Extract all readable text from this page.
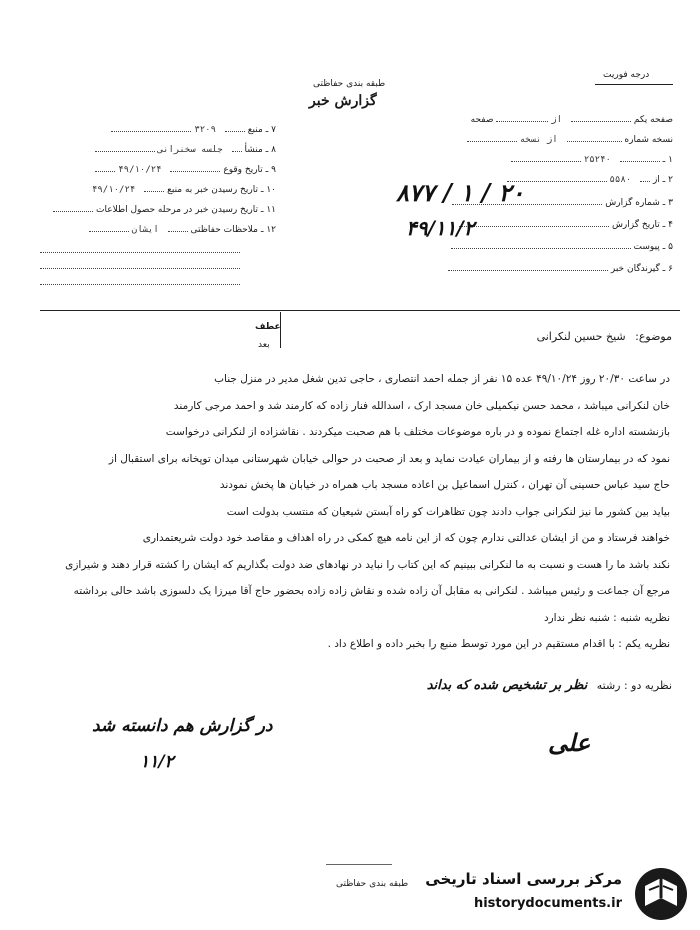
طبقه بندی حفاظتی
گزارش خبر
درجه فوریت
صفحه یکم  از  صفحه
نسخه شماره  از نسخه
۱ ـ  ۲۵۲۴۰
۲ ـ از  ۵۵۸۰
۳ ـ شماره گزارش
۴ ـ تاریخ گزارش
۵ ـ پیوست
۶ ـ گیرندگان خبر
۷ ـ منبع  ۳۲۰۹
۸ ـ منشأ  جلسه سخنرانی
۹ ـ تاریخ وقوع  ۴۹/۱۰/۲۴
۱۰ ـ تاریخ رسیدن خبر به منبع  ۴۹/۱۰/۲۴
۱۱ ـ تاریخ رسیدن خبر در مرحله حصول اطلاعات
۱۲ ـ ملاحظات حفاظتی  ایشان
۸۷۷ / ۱ / ۲۰
۴۹/۱۱/۲
عطف
بعد
موضوع: شیخ حسین لنکرانی

در ساعت ۲۰/۳۰ روز ۴۹/۱۰/۲۴ عده ۱۵ نفر از جمله احمد انتصاری ، حاجی تدین شغل مدیر در منزل جناب

خان لنکرانی میباشد ، محمد حسن نیکمیلی خان مسجد ارک ، اسدالله فنار زاده که کارمند شد و احمد مرجی کارمند

بازنشسته اداره غله اجتماع نموده و در باره موضوعات مختلف با هم صحبت میکردند . نقاشزاده از لنکرانی درخواست

نمود که در بیمارستان ها رفته و از بیماران عیادت نماید و بعد از صحبت در حوالی خیابان شهرستانی میدان توپخانه برای استقبال از

حاج سید عباس حسینی آن تهران ، کنترل اسماعیل بن اعاده مسجد باب همراه در خیابان ها پخش نمودند

بیاید بین کشور ما نیز لنکرانی جواب دادند چون تظاهرات کو راه آبستن شیعیان که منتسب بدولت است

خواهند فرستاد و من از ایشان عدالتی ندارم چون که از این نامه هیچ کمکی در راه اهداف و مقاصد خود دولت شریعتمداری

نکند باشد ما را هست و نسبت به ما لنکرانی ببینیم که این کتاب را نباید در نهادهای ضد دولت بگذاریم که ایشان را کشته قرار دهند و شیرازی

مرجع آن جماعت و رئیس میباشد . لنکرانی به مقابل آن زاده شده و نقاش زاده زاده بحضور حاج آقا میرزا یک دلسوزی باشد حالی برداشته

نظریه شنبه : شنبه نظر ندارد

نظریه یکم : با اقدام مستقیم در این مورد توسط منبع را بخبر داده و اطلاع داد .

نظریه دو : رشته نظر بر تشخیص شده که بداند
در گزارش هم دانسته شد
۱۱/۲
علی
طبقه بندی حفاظتی مرکز بررسی اسناد تاریخی
historydocuments.ir
